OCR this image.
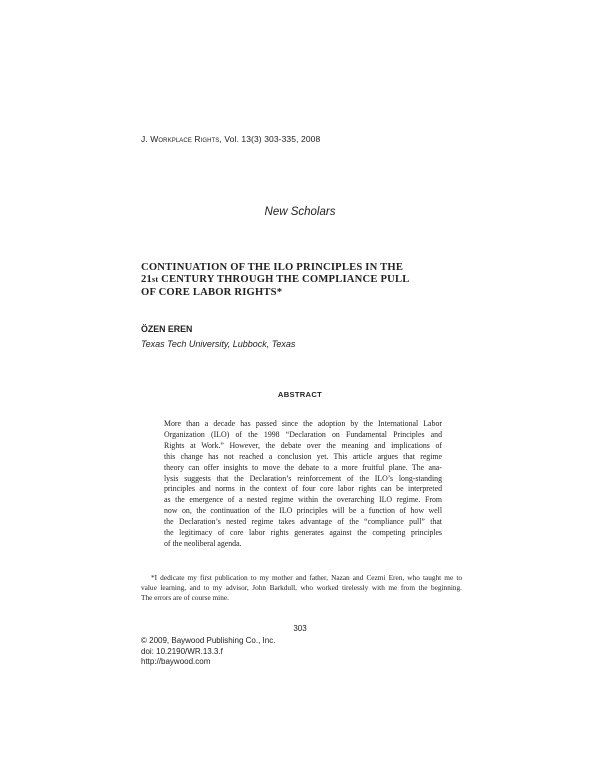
J. Workplace Rights, Vol. 13(3) 303-335, 2008
New Scholars
CONTINUATION OF THE ILO PRINCIPLES IN THE
21st CENTURY THROUGH THE COMPLIANCE PULL
OF CORE LABOR RIGHTS*
ÖZEN EREN
Texas Tech University, Lubbock, Texas
ABSTRACT
More than a decade has passed since the adoption by the International Labor
Organization (ILO) of the 1998 “Declaration on Fundamental Principles and
Rights at Work.” However, the debate over the meaning and implications of
this change has not reached a conclusion yet. This article argues that regime
theory can offer insights to move the debate to a more fruitful plane. The ana-
lysis suggests that the Declaration’s reinforcement of the ILO’s long-standing
principles and norms in the context of four core labor rights can be interpreted
as the emergence of a nested regime within the overarching ILO regime. From
now on, the continuation of the ILO principles will be a function of how well
the Declaration’s nested regime takes advantage of the “compliance pull” that
the legitimacy of core labor rights generates against the competing principles
of the neoliberal agenda.
*I dedicate my first publication to my mother and father, Nazan and Cezmi Eren, who taught me to
value learning, and to my advisor, John Barkdull, who worked tirelessly with me from the beginning.
The errors are of course mine.
303
© 2009, Baywood Publishing Co., Inc.
doi: 10.2190/WR.13.3.f
http://baywood.com
